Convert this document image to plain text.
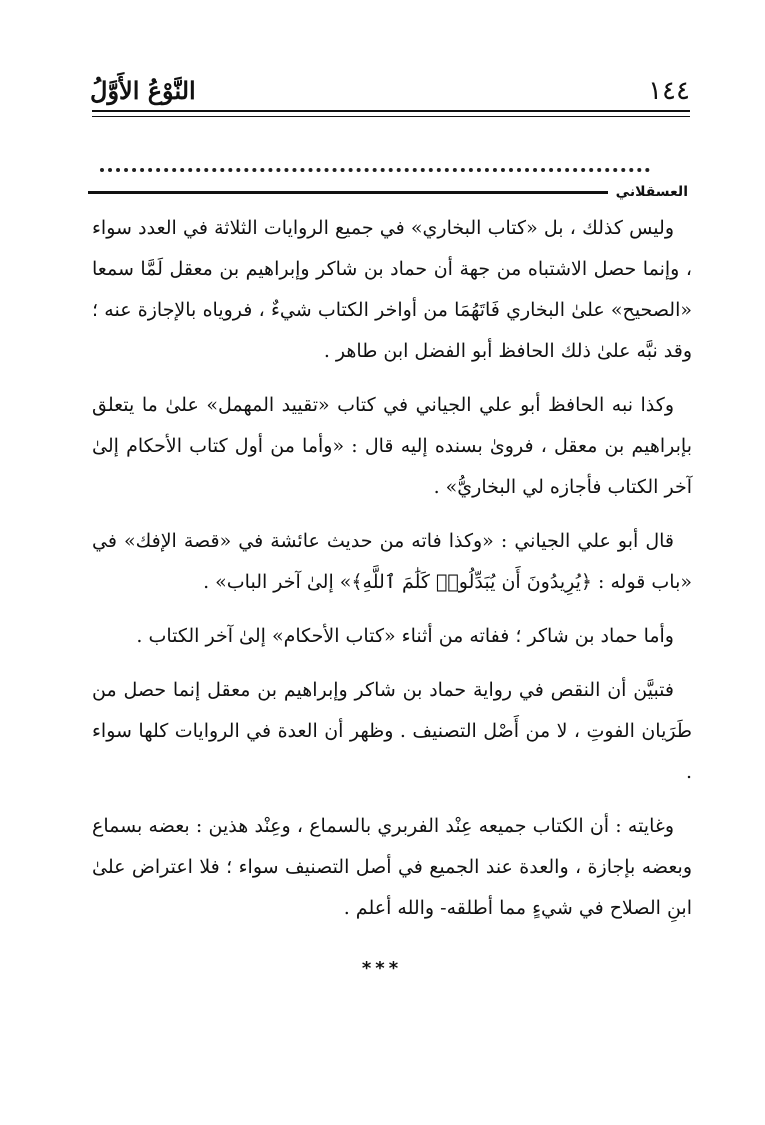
١٤٤
النَّوْعُ الأَوَّلُ
العسقلاني

وليس كذلك ، بل «كتاب البخاري» في جميع الروايات الثلاثة في العدد سواء ، وإنما حصل الاشتباه من جهة أن حماد بن شاكر وإبراهيم بن معقل لَمَّا سمعا «الصحيح» علىٰ البخاري فَاتَهُمَا من أواخر الكتاب شيءٌ ، فروياه بالإجازة عنه ؛ وقد نبَّه علىٰ ذلك الحافظ أبو الفضل ابن طاهر .

وكذا نبه الحافظ أبو علي الجياني في كتاب «تقييد المهمل» علىٰ ما يتعلق بإبراهيم بن معقل ، فروىٰ بسنده إليه قال : «وأما من أول كتاب الأحكام إلىٰ آخر الكتاب فأجازه لي البخاريُّ» .

قال أبو علي الجياني : «وكذا فاته من حديث عائشة في «قصة الإفك» في «باب قوله : ﴿يُرِيدُونَ أَن يُبَدِّلُوا۟ كَلَٰمَ ٱللَّهِ﴾» إلىٰ آخر الباب» .

وأما حماد بن شاكر ؛ ففاته من أثناء «كتاب الأحكام» إلىٰ آخر الكتاب .

فتبيَّن أن النقص في رواية حماد بن شاكر وإبراهيم بن معقل إنما حصل من طَرَيان الفوتِ ، لا من أَصْل التصنيف . وظهر أن العدة في الروايات كلها سواء .

وغايته : أن الكتاب جميعه عِنْد الفربري بالسماع ، وعِنْد هذين : بعضه بسماع وبعضه بإجازة ، والعدة عند الجميع في أصل التصنيف سواء ؛ فلا اعتراض علىٰ ابنِ الصلاح في شيءٍ مما أطلقه- والله أعلم .

***
